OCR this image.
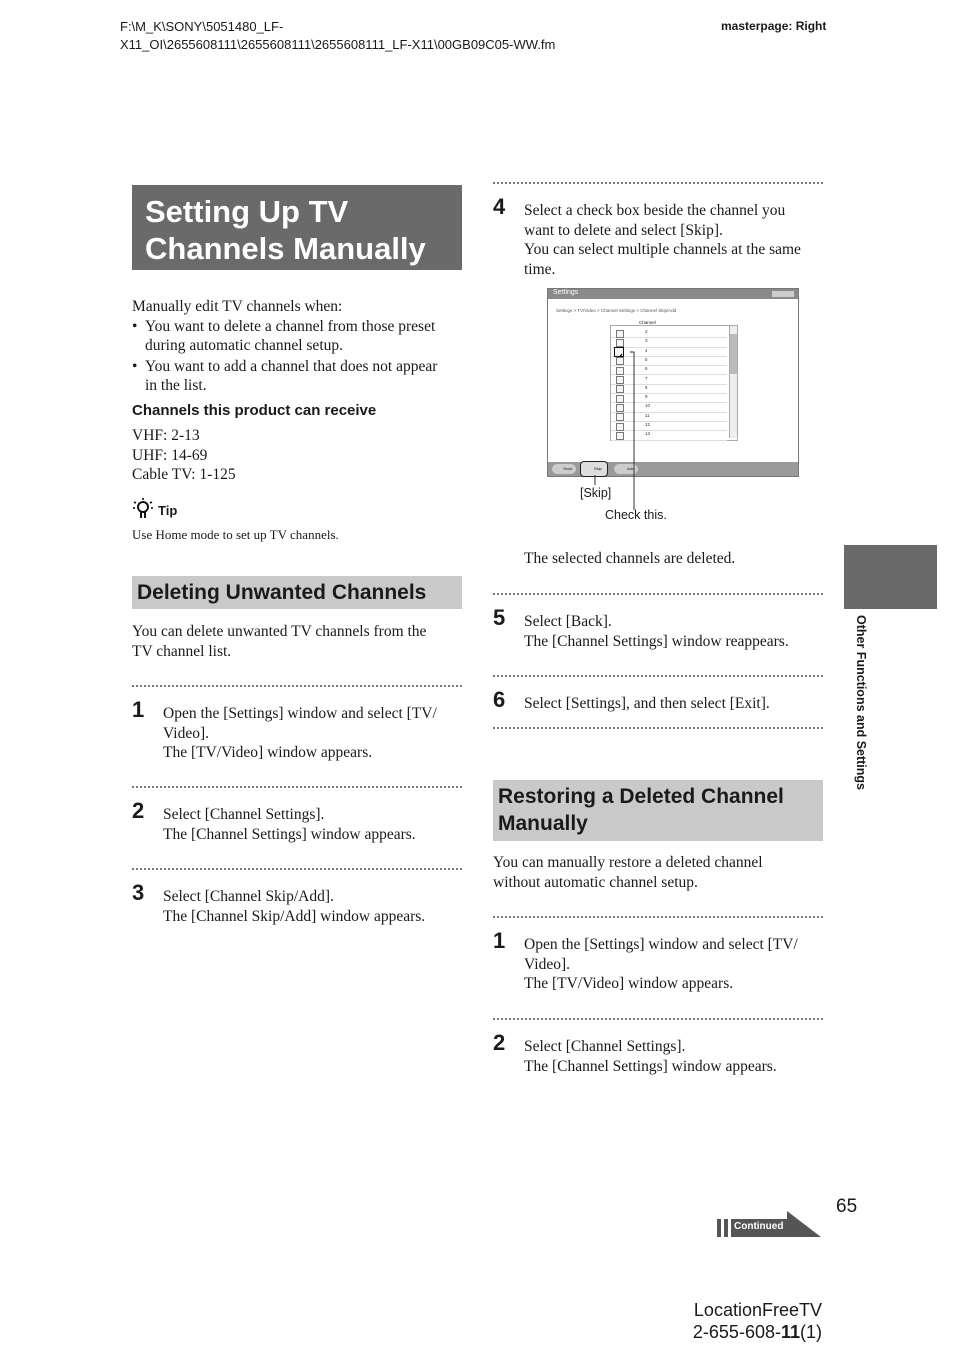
F:\M_K\SONY\5051480_LF-
X11_OI\2655608111\2655608111\2655608111_LF-X11\00GB09C05-WW.fm
masterpage: Right
Setting Up TV
Channels Manually
Manually edit TV channels when:
• You want to delete a channel from those preset
during automatic channel setup.
• You want to add a channel that does not appear
in the list.
Channels this product can receive
VHF: 2-13
UHF: 14-69
Cable TV: 1-125
Tip
Use Home mode to set up TV channels.
Deleting Unwanted Channels
You can delete unwanted TV channels from the
TV channel list.
1 Open the [Settings] window and select [TV/
Video].
The [TV/Video] window appears.
2 Select [Channel Settings].
The [Channel Settings] window appears.
3 Select [Channel Skip/Add].
The [Channel Skip/Add] window appears.
4 Select a check box beside the channel you
want to delete and select [Skip].
You can select multiple channels at the same
time.
Settings
Settings > TV/Video > Channel Settings > Channel Skip/Add
Channel
2
3
4
5
6
7
8
9
10
11
12
13
Send	Skip	Add
[Skip]
Check this.
The selected channels are deleted.
5 Select [Back].
The [Channel Settings] window reappears.
6 Select [Settings], and then select [Exit].
Restoring a Deleted Channel
Manually
You can manually restore a deleted channel
without automatic channel setup.
1 Open the [Settings] window and select [TV/
Video].
The [TV/Video] window appears.
2 Select [Channel Settings].
The [Channel Settings] window appears.
Other Functions and Settings
65
Continued
LocationFreeTV
2-655-608-11(1)
